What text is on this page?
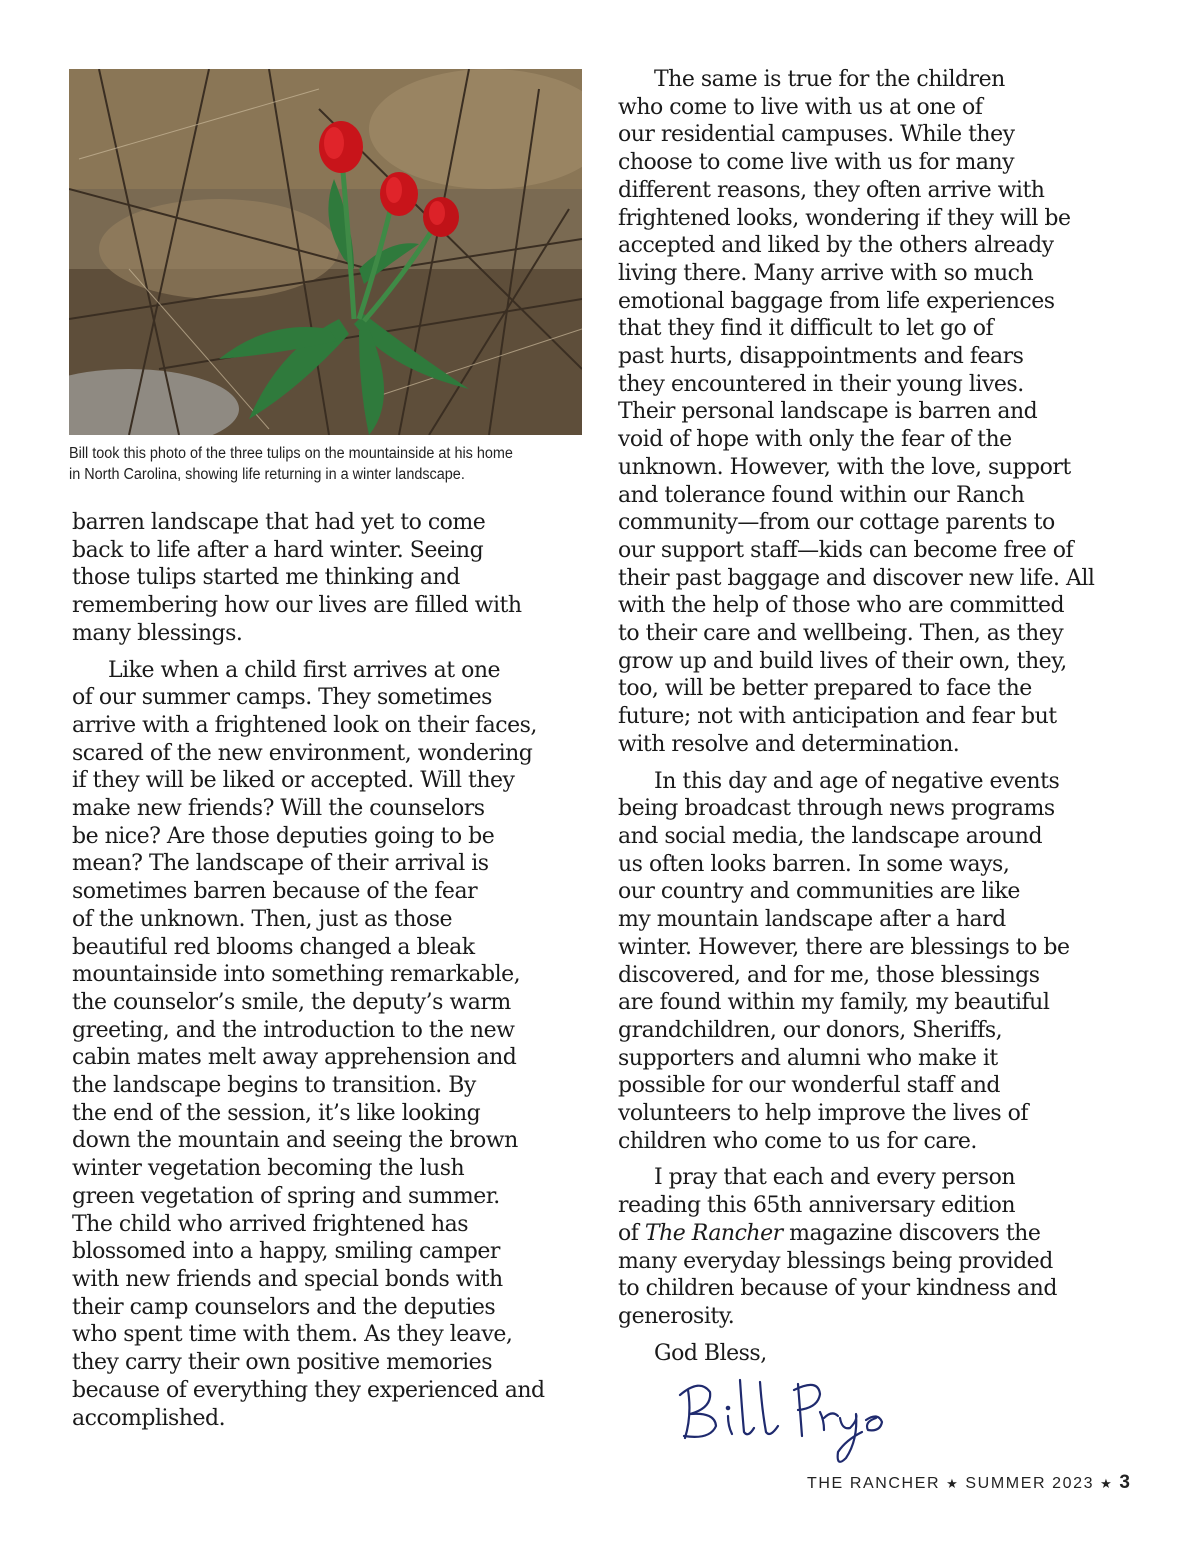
Bill took this photo of the three tulips on the mountainside at his home
in North Carolina, showing life returning in a winter landscape.

barren landscape that had yet to come
back to life after a hard winter. Seeing
those tulips started me thinking and
remembering how our lives are filled with
many blessings.

Like when a child first arrives at one
of our summer camps. They sometimes
arrive with a frightened look on their faces,
scared of the new environment, wondering
if they will be liked or accepted. Will they
make new friends? Will the counselors
be nice? Are those deputies going to be
mean? The landscape of their arrival is
sometimes barren because of the fear
of the unknown. Then, just as those
beautiful red blooms changed a bleak
mountainside into something remarkable,
the counselor’s smile, the deputy’s warm
greeting, and the introduction to the new
cabin mates melt away apprehension and
the landscape begins to transition. By
the end of the session, it’s like looking
down the mountain and seeing the brown
winter vegetation becoming the lush
green vegetation of spring and summer.
The child who arrived frightened has
blossomed into a happy, smiling camper
with new friends and special bonds with
their camp counselors and the deputies
who spent time with them. As they leave,
they carry their own positive memories
because of everything they experienced and
accomplished.

The same is true for the children
who come to live with us at one of
our residential campuses. While they
choose to come live with us for many
different reasons, they often arrive with
frightened looks, wondering if they will be
accepted and liked by the others already
living there. Many arrive with so much
emotional baggage from life experiences
that they find it difficult to let go of
past hurts, disappointments and fears
they encountered in their young lives.
Their personal landscape is barren and
void of hope with only the fear of the
unknown. However, with the love, support
and tolerance found within our Ranch
community—from our cottage parents to
our support staff—kids can become free of
their past baggage and discover new life. All
with the help of those who are committed
to their care and wellbeing. Then, as they
grow up and build lives of their own, they,
too, will be better prepared to face the
future; not with anticipation and fear but
with resolve and determination.

In this day and age of negative events
being broadcast through news programs
and social media, the landscape around
us often looks barren. In some ways,
our country and communities are like
my mountain landscape after a hard
winter. However, there are blessings to be
discovered, and for me, those blessings
are found within my family, my beautiful
grandchildren, our donors, Sheriffs,
supporters and alumni who make it
possible for our wonderful staff and
volunteers to help improve the lives of
children who come to us for care.

I pray that each and every person
reading this 65th anniversary edition
of The Rancher magazine discovers the
many everyday blessings being provided
to children because of your kindness and
generosity.

God Bless,

THE RANCHER ★ SUMMER 2023 ★ 3
